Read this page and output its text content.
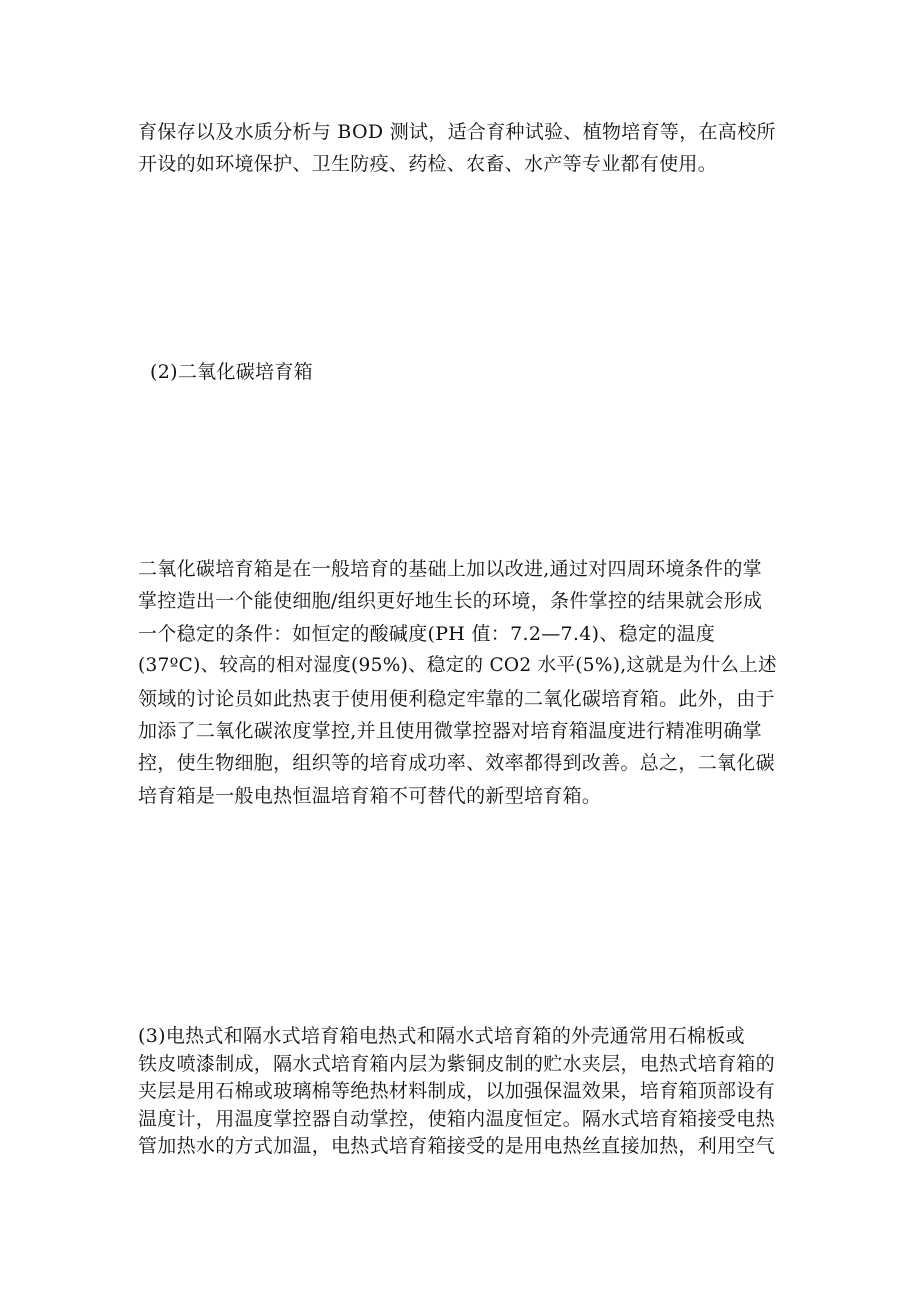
育保存以及水质分析与 BOD 测试，适合育种试验、植物培育等，在高校所
开设的如环境保护、卫生防疫、药检、农畜、水产等专业都有使用。

(2)二氧化碳培育箱

二氧化碳培育箱是在一般培育的基础上加以改进,通过对四周环境条件的掌
掌控造出一个能使细胞/组织更好地生长的环境，条件掌控的结果就会形成
一个稳定的条件：如恒定的酸碱度(PH 值：7.2—7.4)、稳定的温度
(37ºC)、较高的相对湿度(95%)、稳定的 CO2 水平(5%),这就是为什么上述
领域的讨论员如此热衷于使用便利稳定牢靠的二氧化碳培育箱。此外，由于
加添了二氧化碳浓度掌控,并且使用微掌控器对培育箱温度进行精准明确掌
控，使生物细胞，组织等的培育成功率、效率都得到改善。总之，二氧化碳
培育箱是一般电热恒温培育箱不可替代的新型培育箱。

(3)电热式和隔水式培育箱电热式和隔水式培育箱的外壳通常用石棉板或
铁皮喷漆制成，隔水式培育箱内层为紫铜皮制的贮水夹层，电热式培育箱的
夹层是用石棉或玻璃棉等绝热材料制成，以加强保温效果，培育箱顶部设有
温度计，用温度掌控器自动掌控，使箱内温度恒定。隔水式培育箱接受电热
管加热水的方式加温，电热式培育箱接受的是用电热丝直接加热，利用空气
